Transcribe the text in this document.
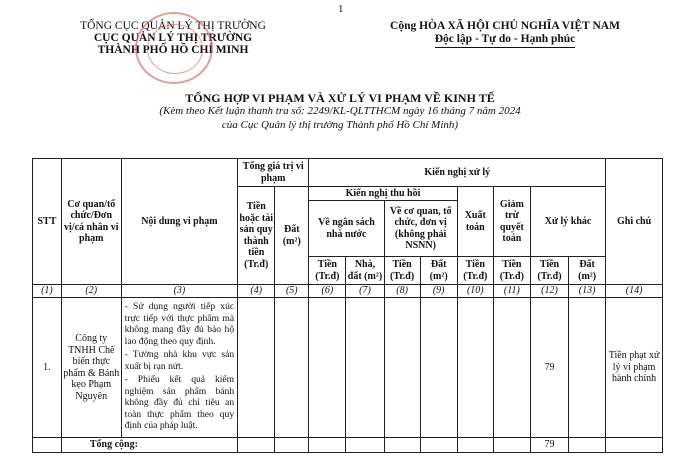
1
TỔNG CỤC QUẢN LÝ THỊ TRƯỜNG
CỤC QUẢN LÝ THỊ TRƯỜNG
THÀNH PHỐ HỒ CHÍ MINH
Cộng HÒA XÃ HỘI CHỦ NGHĨA VIỆT NAM
Độc lập - Tự do - Hạnh phúc
TỔNG HỢP VI PHẠM VÀ XỬ LÝ VI PHẠM VỀ KINH TẾ
(Kèm theo Kết luận thanh tra số: 2249/KL-QLTTHCM ngày 16 tháng 7 năm 2024
của Cục Quản lý thị trường Thành phố Hồ Chí Minh)
STT	Cơ quan/tổ chức/Đơn vị/cá nhân vi phạm	Nội dung vi phạm	Tổng giá trị vi phạm		Kiến nghị xử lý								Ghi chú
			Tiền hoặc tài sản quy thành tiền (Tr.đ)	Đất (m²)	Kiến nghị thu hồi				Xuất toán	Giảm trừ quyết toán	Xử lý khác		
					Về ngân sách nhà nước		Về cơ quan, tổ chức, đơn vị (không phải NSNN)						
					Tiền (Tr.đ)	Nhà, đất (m²)	Tiền (Tr.đ)	Đất (m²)	Tiền (Tr.đ)	Tiền (Tr.đ)	Tiền (Tr.đ)	Đất (m²)	
(1)	(2)	(3)	(4)	(5)	(6)	(7)	(8)	(9)	(10)	(11)	(12)	(13)	(14)
1.	Công ty TNHH Chế biến thực phẩm & Bánh kẹo Phạm Nguyên	- Sử dụng người tiếp xúc trực tiếp với thực phẩm mà không mang đầy đủ bảo hộ lao động theo quy định.

- Tường nhà khu vực sản xuất bị rạn nứt.

- Phiếu kết quả kiểm nghiệm sản phẩm bánh không đầy đủ chỉ tiêu an toàn thực phẩm theo quy định của pháp luật.									79		Tiền phạt xử lý vi phạm hành chính
	Tổng cộng:										79		
